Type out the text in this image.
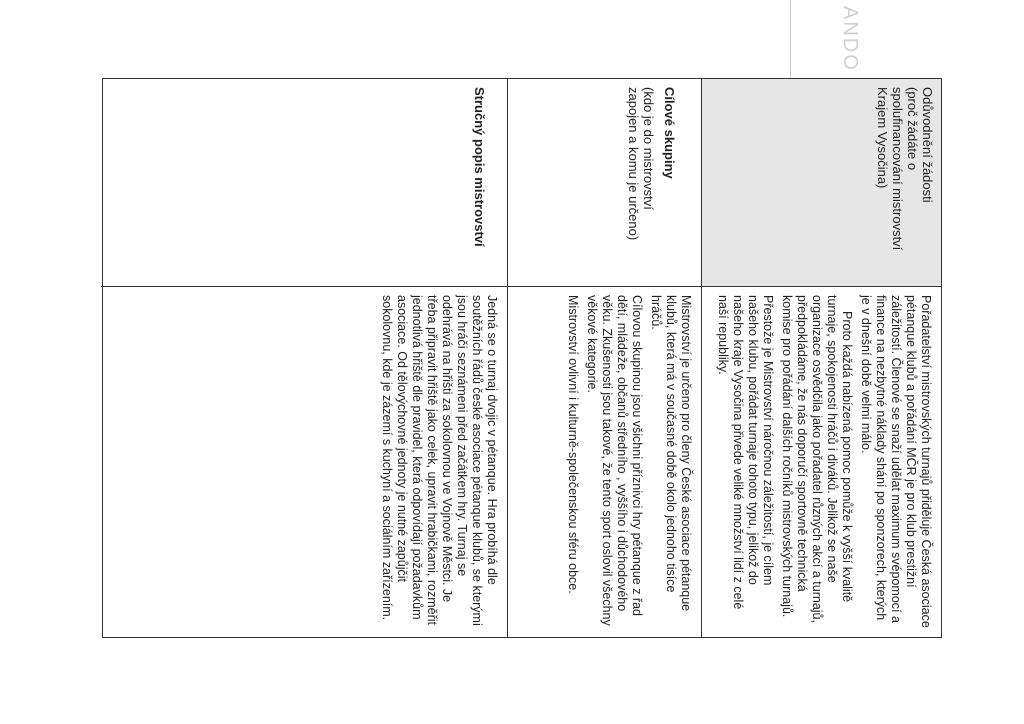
ANDO
Odůvodnění žádosti
(proč žádáte o
spolufinancování mistrovství
Krajem Vysočina)

Pořadatelství mistrovských turnajů přiděluje Česká asociace pétanque klubů a pořádání MČR je pro klub prestižní záležitostí. Členové se snaží udělat maximum svépomocí a finance na nezbytné náklady shání po sponzorech, kterých je v dnešní době velmi málo.

Proto každá nabízená pomoc pomůže k vyšší kvalitě turnaje, spokojenosti hráčů i diváků. Jelikož se naše organizace osvědčila jako pořadatel různých akcí a turnajů, předpokládáme, že nás doporučí sportovně technická komise pro pořádání dalších ročníků mistrovských turnajů.

Přestože je Mistrovství náročnou záležitostí, je cílem našeho klubu, pořádat turnaje tohoto typu, jelikož do našeho kraje Vysočina přivede veliké množství lidí z celé naší republiky.

Cílové skupiny
(kdo je do mistrovství
zapojen a komu je určeno)

Mistrovství je určeno pro členy České asociace pétanque klubů, která má v současné době okolo jednoho tisíce hráčů.

Cílovou skupinou jsou všichni příznivci hry pétanque z řad dětí, mládeže, občanů středního , vyššího i důchodového věku. Zkušenosti jsou takové, že tento sport oslovil všechny věkové kategorie.

Mistrovství ovlivní i kulturně-společenskou sféru obce.

Stručný popis mistrovství

Jedná se o turnaj dvojic v pétanque. Hra probíhá dle soutěžních řádů české asociace pétanque klubů, se kterými jsou hráči seznámeni před začátkem hry. Turnaj se odehrává na hřišti za sokolovnou ve Vojnově Městci. Je třeba připravit hřiště jako celek, upravit hrabičkami, rozměřit jednotlivá hřiště dle pravidel, která odpovídají požadavkům asociace. Od tělovýchovné jednoty je nutné zapůjčit sokolovnu, kde je zázemí s kuchyní a sociálním zařízením.
